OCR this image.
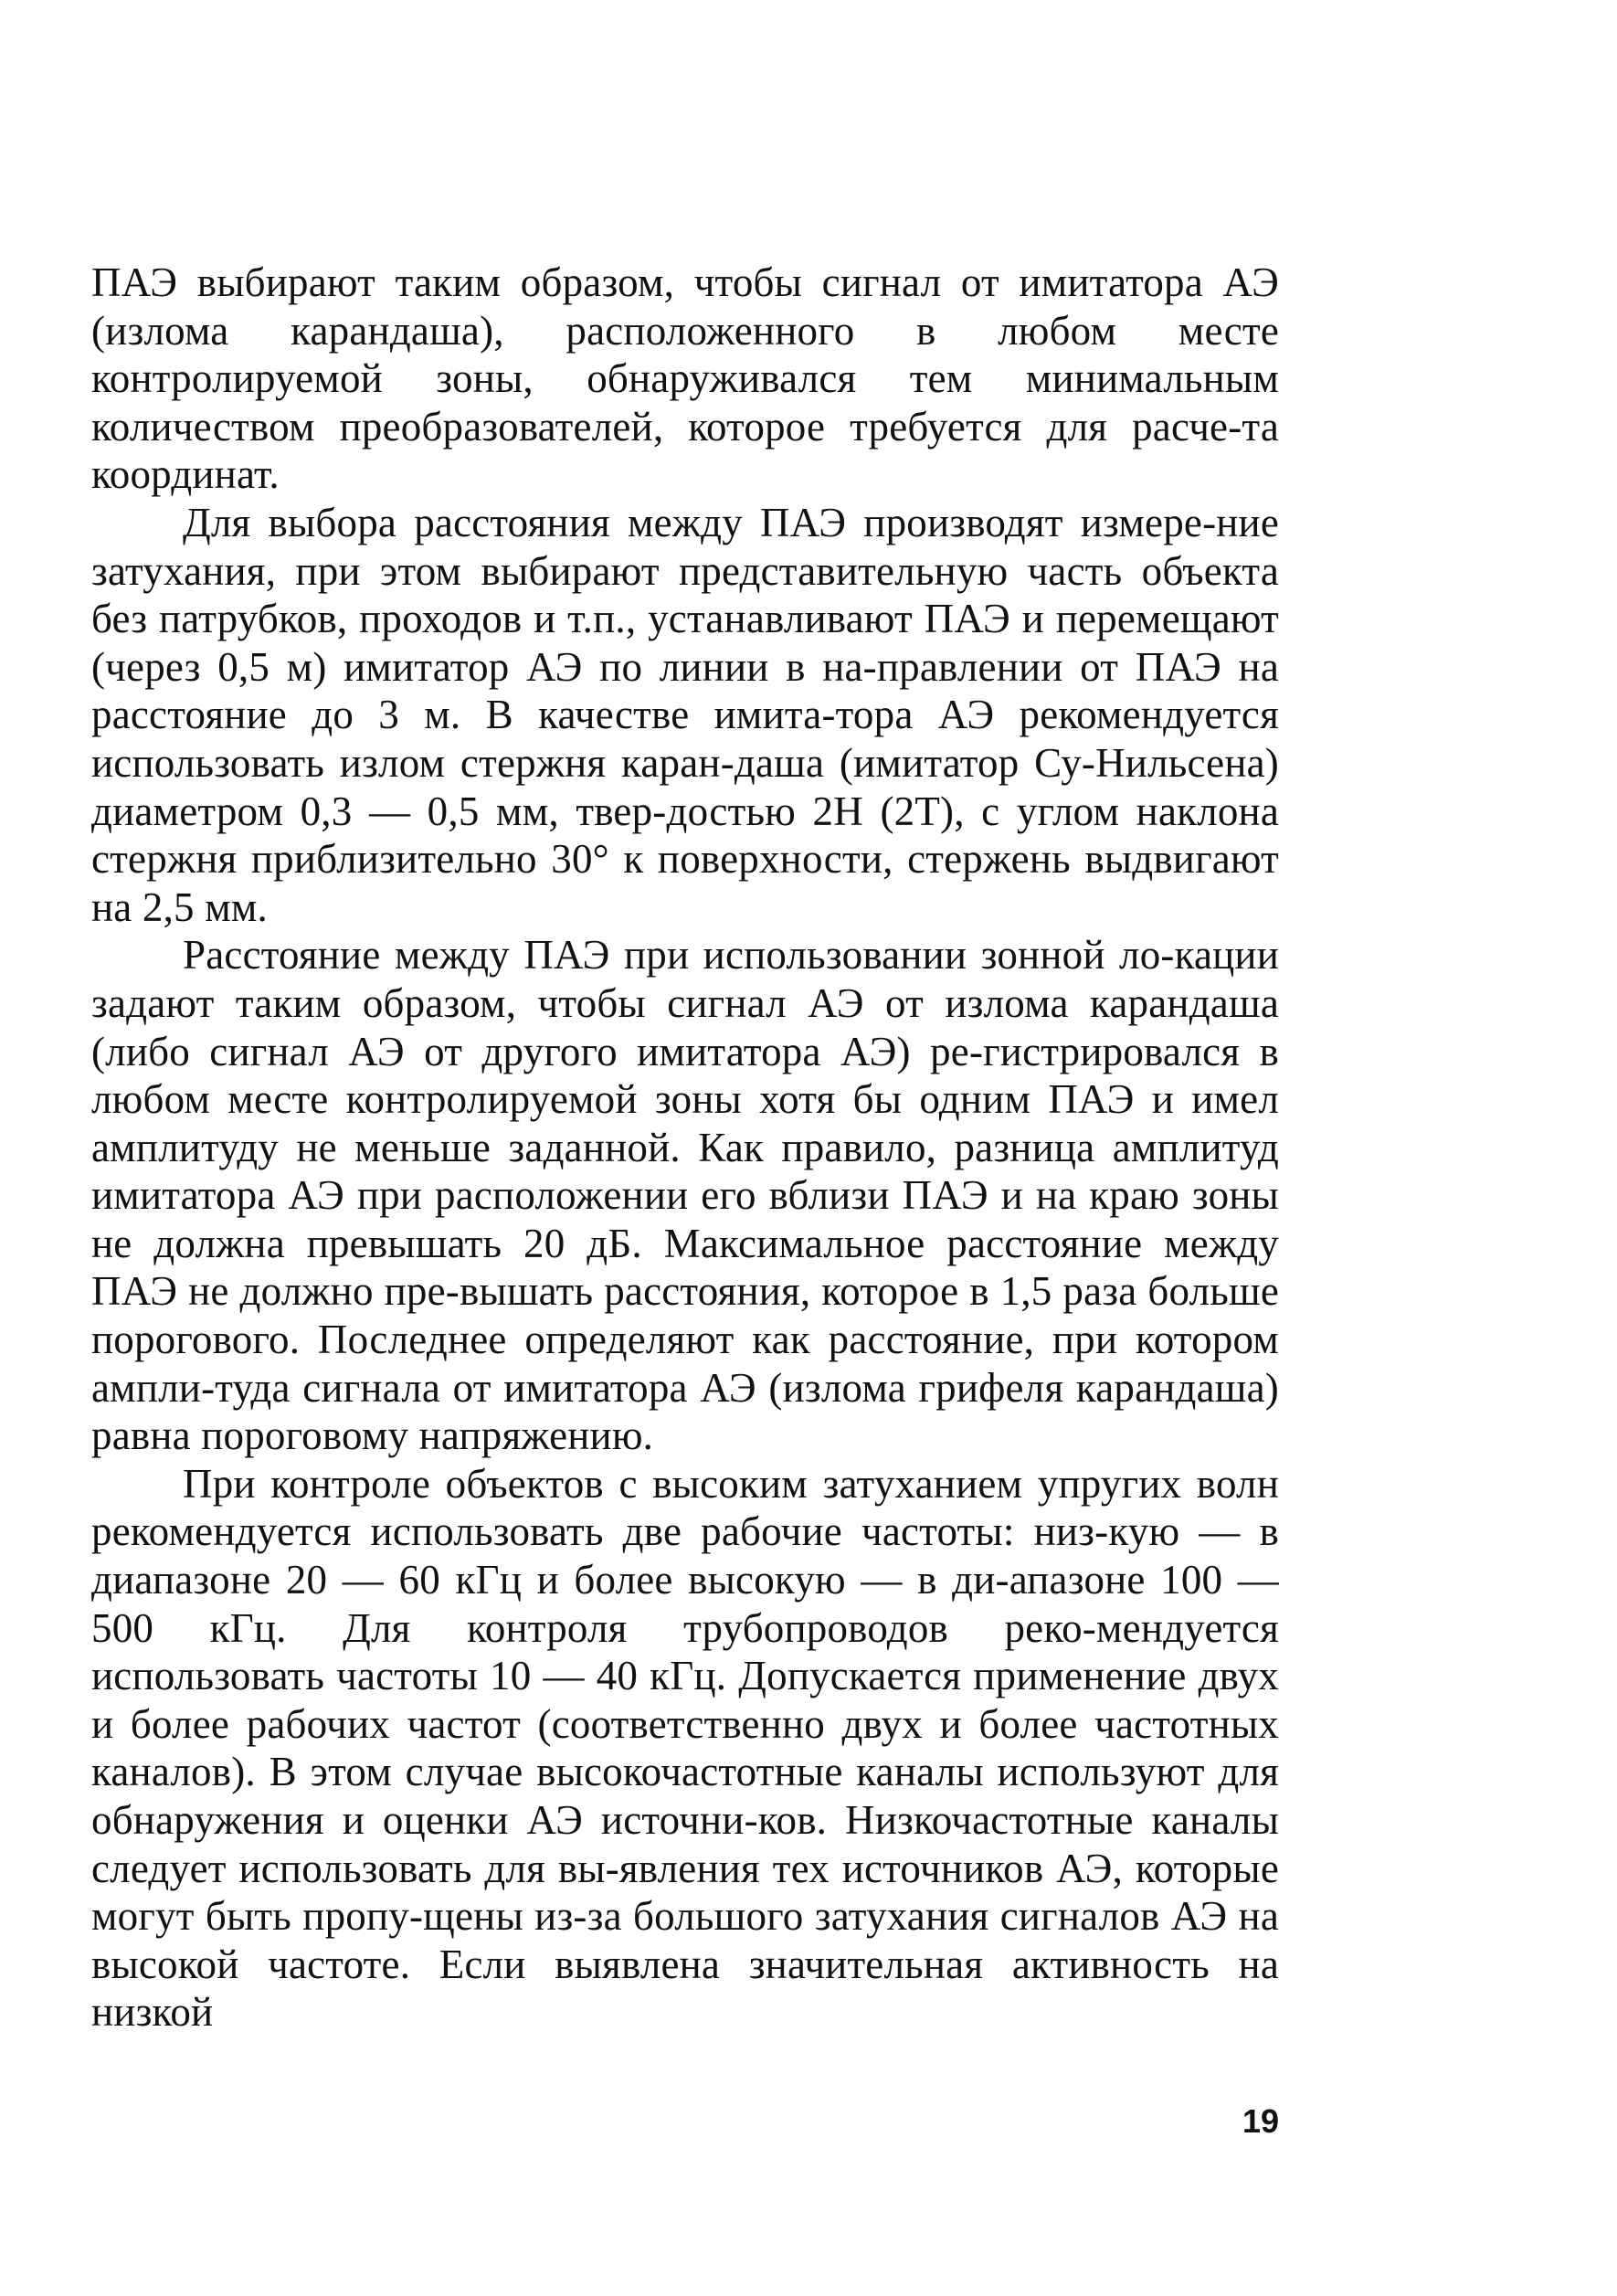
ПАЭ выбирают таким образом, чтобы сигнал от имитатора АЭ (излома карандаша), расположенного в любом месте контролируемой зоны, обнаруживался тем минимальным количеством преобразователей, которое требуется для расче-та координат.

Для выбора расстояния между ПАЭ производят измере-ние затухания, при этом выбирают представительную часть объекта без патрубков, проходов и т.п., устанавливают ПАЭ и перемещают (через 0,5 м) имитатор АЭ по линии в на-правлении от ПАЭ на расстояние до 3 м. В качестве имита-тора АЭ рекомендуется использовать излом стержня каран-даша (имитатор Су-Нильсена) диаметром 0,3 — 0,5 мм, твер-достью 2Н (2Т), с углом наклона стержня приблизительно 30° к поверхности, стержень выдвигают на 2,5 мм.

Расстояние между ПАЭ при использовании зонной ло-кации задают таким образом, чтобы сигнал АЭ от излома карандаша (либо сигнал АЭ от другого имитатора АЭ) ре-гистрировался в любом месте контролируемой зоны хотя бы одним ПАЭ и имел амплитуду не меньше заданной. Как правило, разница амплитуд имитатора АЭ при расположении его вблизи ПАЭ и на краю зоны не должна превышать 20 дБ. Максимальное расстояние между ПАЭ не должно пре-вышать расстояния, которое в 1,5 раза больше порогового. Последнее определяют как расстояние, при котором ампли-туда сигнала от имитатора АЭ (излома грифеля карандаша) равна пороговому напряжению.

При контроле объектов с высоким затуханием упругих волн рекомендуется использовать две рабочие частоты: низ-кую — в диапазоне 20 — 60 кГц и более высокую — в ди-апазоне 100 — 500 кГц. Для контроля трубопроводов реко-мендуется использовать частоты 10 — 40 кГц. Допускается применение двух и более рабочих частот (соответственно двух и более частотных каналов). В этом случае высокочастотные каналы используют для обнаружения и оценки АЭ источни-ков. Низкочастотные каналы следует использовать для вы-явления тех источников АЭ, которые могут быть пропу-щены из-за большого затухания сигналов АЭ на высокой частоте. Если выявлена значительная активность на низкой

19
